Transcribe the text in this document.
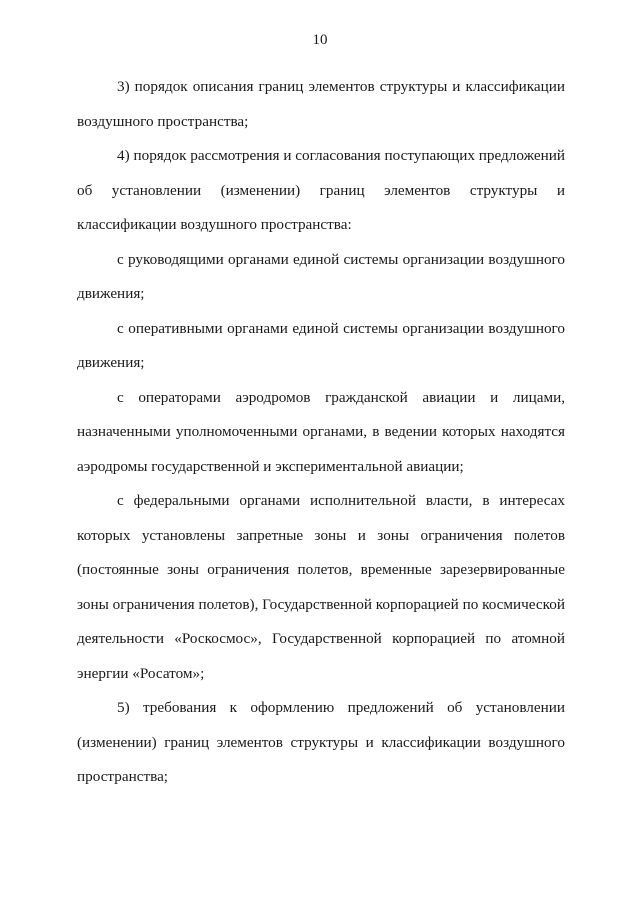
10

3) порядок описания границ элементов структуры и классификации воздушного пространства;

4) порядок рассмотрения и согласования поступающих предложений об установлении (изменении) границ элементов структуры и классификации воздушного пространства:

с руководящими органами единой системы организации воздушного движения;

с оперативными органами единой системы организации воздушного движения;

с операторами аэродромов гражданской авиации и лицами, назначенными уполномоченными органами, в ведении которых находятся аэродромы государственной и экспериментальной авиации;

с федеральными органами исполнительной власти, в интересах которых установлены запретные зоны и зоны ограничения полетов (постоянные зоны ограничения полетов, временные зарезервированные зоны ограничения полетов), Государственной корпорацией по космической деятельности «Роскосмос», Государственной корпорацией по атомной энергии «Росатом»;

5) требования к оформлению предложений об установлении (изменении) границ элементов структуры и классификации воздушного пространства;
